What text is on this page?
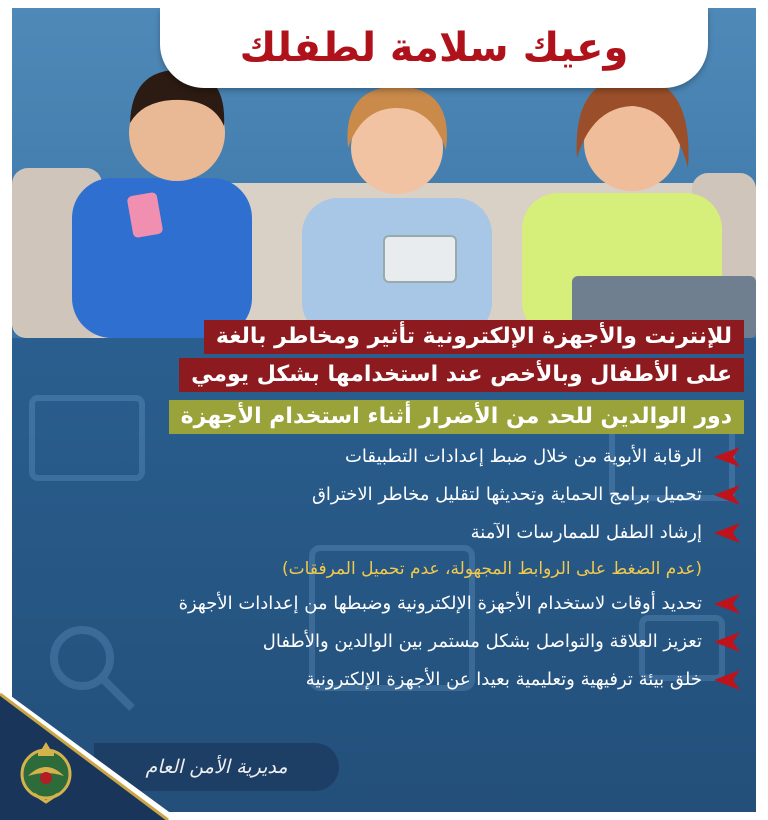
وعيك سلامة لطفلك
للإنترنت والأجهزة الإلكترونية تأثير ومخاطر بالغة
على الأطفال وبالأخص عند استخدامها بشكل يومي
دور الوالدين للحد من الأضرار أثناء استخدام الأجهزة
الرقابة الأبوية من خلال ضبط إعدادات التطبيقات
تحميل برامج الحماية وتحديثها لتقليل مخاطر الاختراق
إرشاد الطفل للممارسات الآمنة
(عدم الضغط على الروابط المجهولة، عدم تحميل المرفقات)
تحديد أوقات لاستخدام الأجهزة الإلكترونية وضبطها من إعدادات الأجهزة
تعزيز العلاقة والتواصل بشكل مستمر بين الوالدين والأطفال
خلق بيئة ترفيهية وتعليمية بعيدا عن الأجهزة الإلكترونية
مديرية الأمن العام
